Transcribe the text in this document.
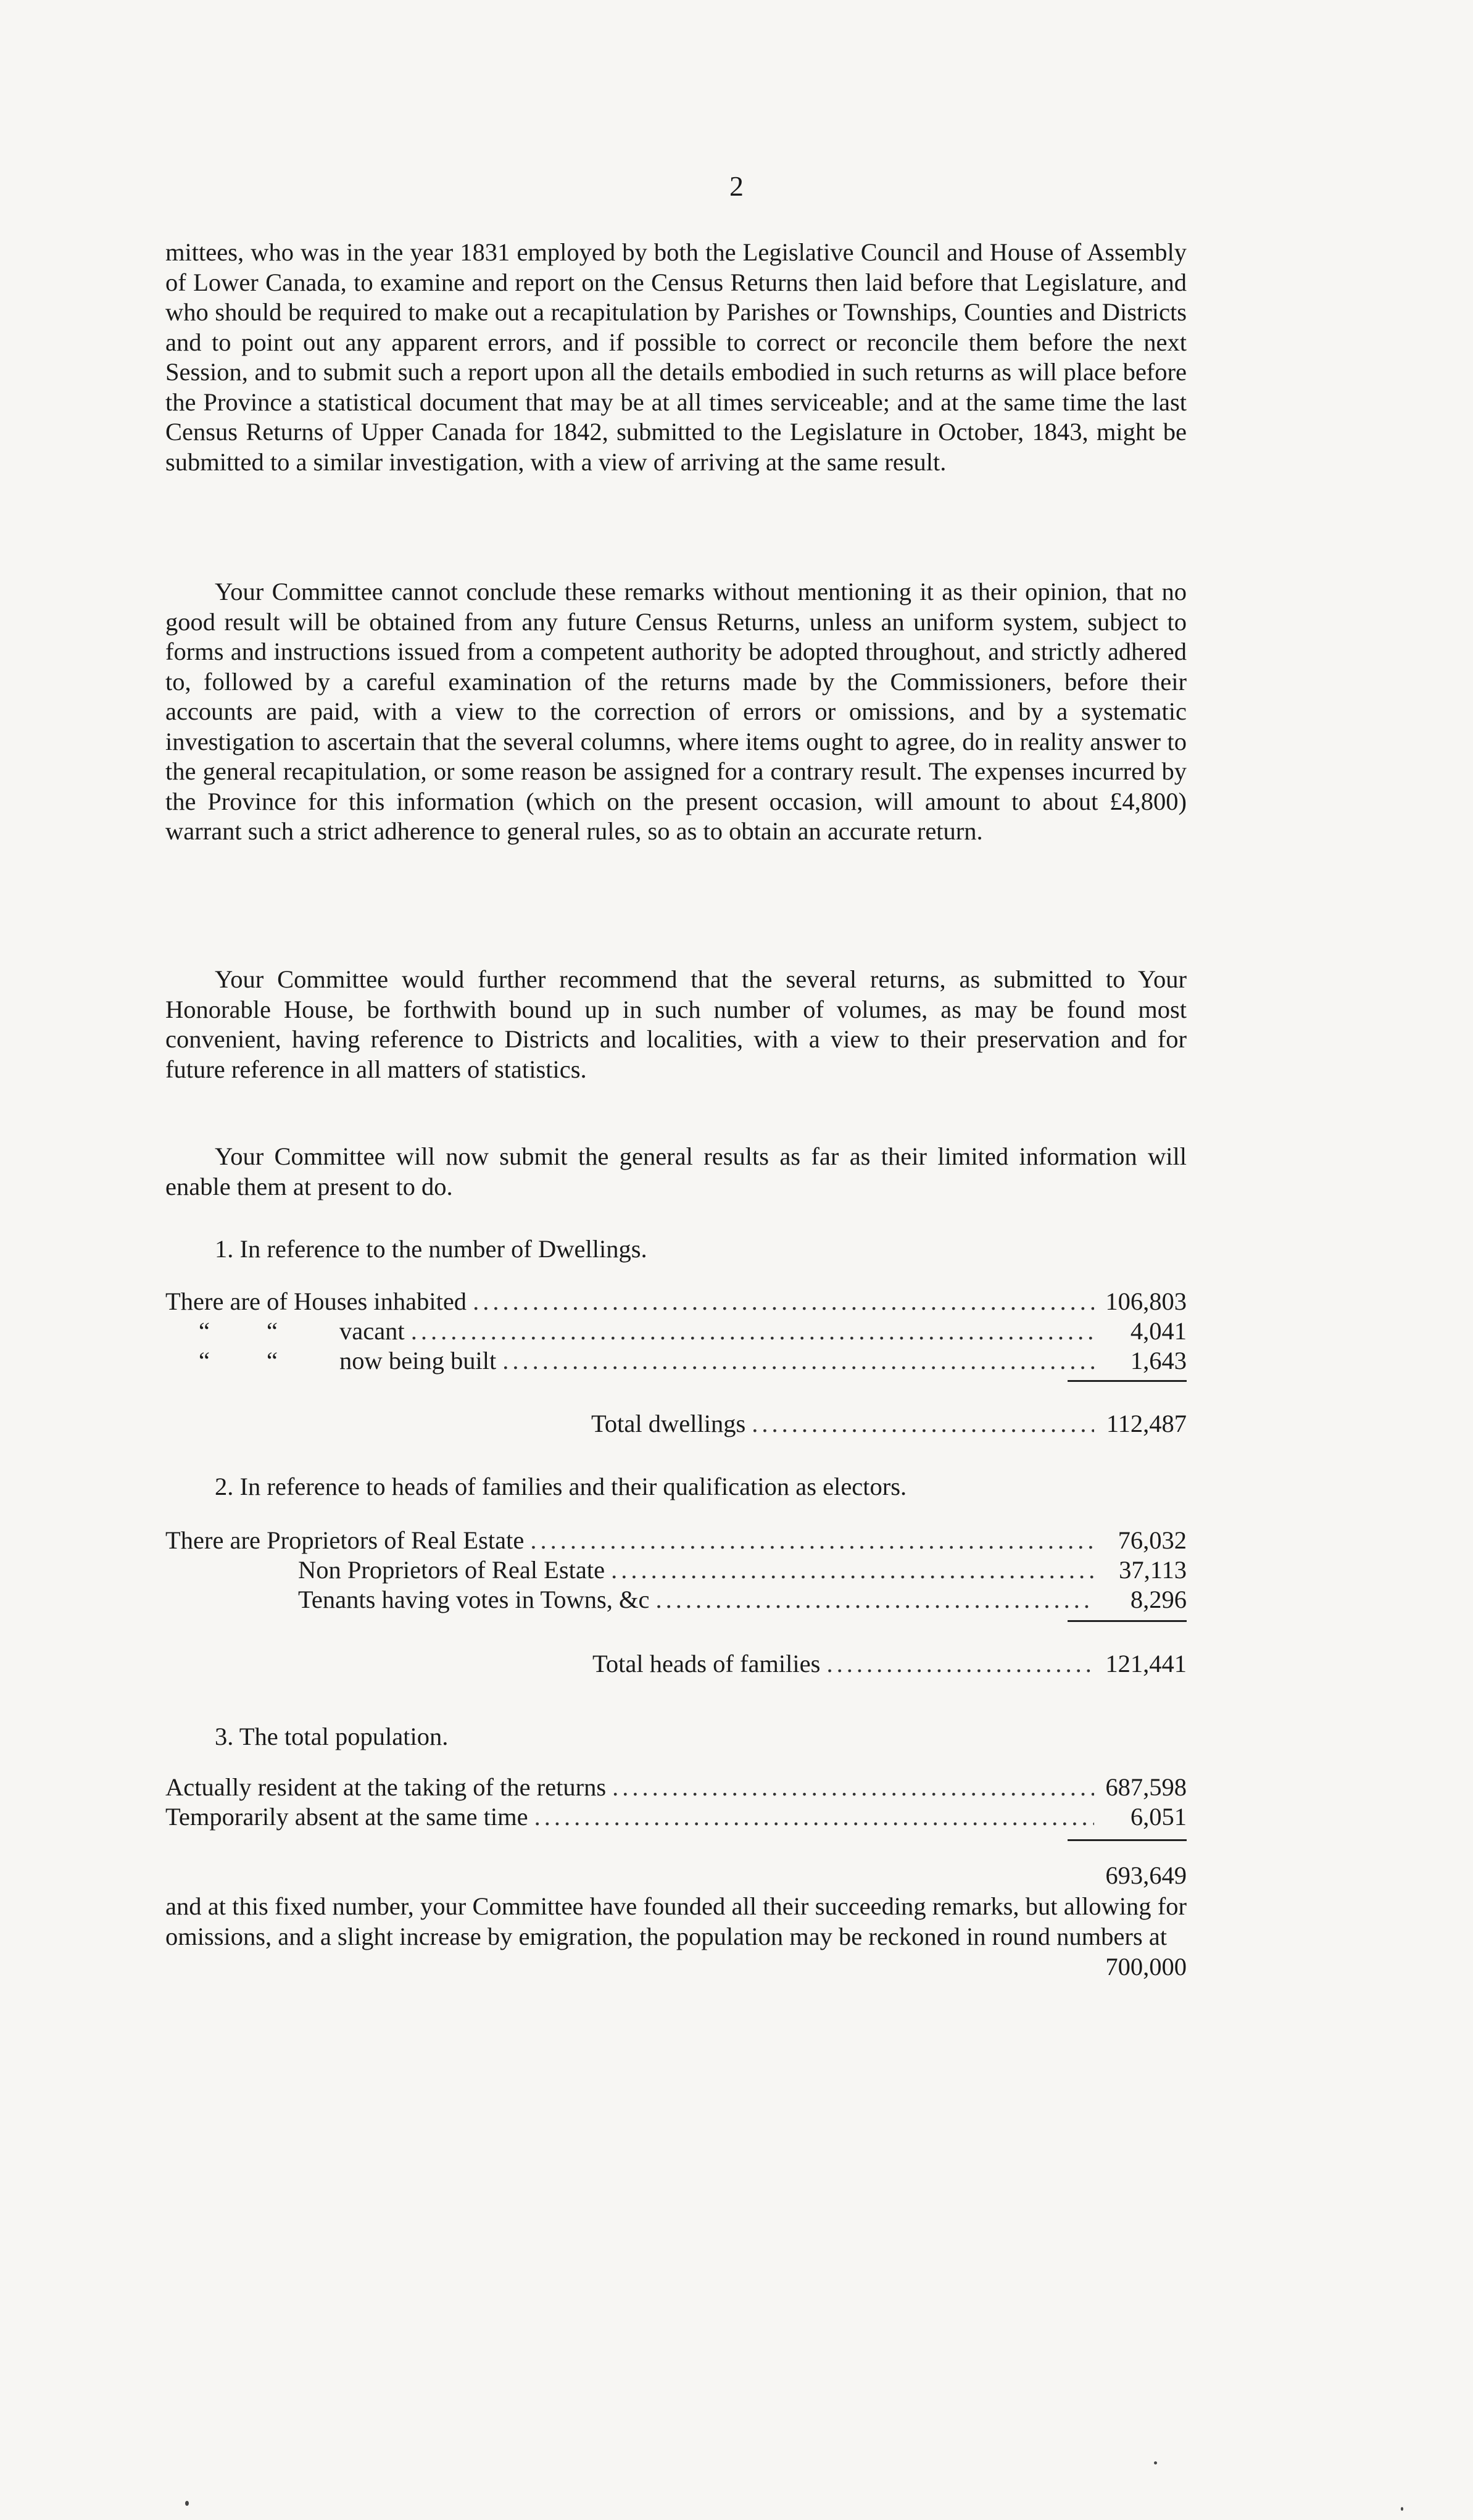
2

mittees, who was in the year 1831 employed by both the Legislative Council and House of Assembly of Lower Canada, to examine and report on the Census Returns then laid before that Legislature, and who should be required to make out a recapitulation by Parishes or Townships, Counties and Districts and to point out any apparent errors, and if possible to correct or reconcile them before the next Session, and to submit such a report upon all the details embodied in such returns as will place before the Province a statistical document that may be at all times serviceable; and at the same time the last Census Returns of Upper Canada for 1842, submitted to the Legislature in October, 1843, might be submitted to a similar investigation, with a view of arriving at the same result.

Your Committee cannot conclude these remarks without mentioning it as their opinion, that no good result will be obtained from any future Census Returns, unless an uniform system, subject to forms and instructions issued from a competent authority be adopted throughout, and strictly adhered to, followed by a careful examination of the returns made by the Commissioners, before their accounts are paid, with a view to the correction of errors or omissions, and by a systematic investigation to ascertain that the several columns, where items ought to agree, do in reality answer to the general recapitulation, or some reason be assigned for a contrary result. The expenses incurred by the Province for this information (which on the present occasion, will amount to about £4,800) warrant such a strict adherence to general rules, so as to obtain an accurate return.

Your Committee would further recommend that the several returns, as submitted to Your Honorable House, be forthwith bound up in such number of volumes, as may be found most convenient, having reference to Districts and localities, with a view to their preservation and for future reference in all matters of statistics.

Your Committee will now submit the general results as far as their limited information will enable them at present to do.

1. In reference to the number of Dwellings.
There are of Houses inhabited .....	106,803
“ “ vacant .....	4,041
“ “ now being built .....	1,643
Total dwellings .....	112,487
2. In reference to heads of families and their qualification as electors.
There are Proprietors of Real Estate .....	76,032
Non Proprietors of Real Estate .....	37,113
Tenants having votes in Towns, &c .....	8,296
Total heads of families .....	121,441
3. The total population.
Actually resident at the taking of the returns .....	687,598
Temporarily absent at the same time .....	6,051
693,649

and at this fixed number, your Committee have founded all their succeeding remarks, but allowing for omissions, and a slight increase by emigration, the population may be reckoned in round numbers at

700,000
